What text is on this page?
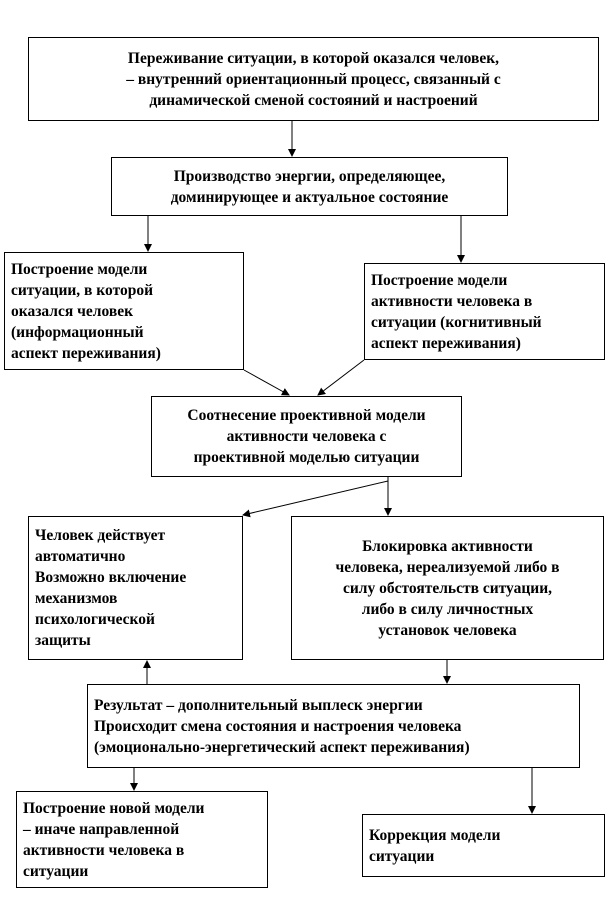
Переживание ситуации, в которой оказался человек,
– внутренний ориентационный процесс, связанный с
динамической сменой состояний и настроений
Производство энергии, определяющее,
доминирующее и актуальное состояние
Построение модели
ситуации, в которой
оказался человек
(информационный
аспект переживания)
Построение модели
активности человека в
ситуации (когнитивный
аспект переживания)
Соотнесение проективной модели
активности человека с
проективной моделью ситуации
Человек действует
автоматично
Возможно включение
механизмов
психологической
защиты
Блокировка активности
человека, нереализуемой либо в
силу обстоятельств ситуации,
либо в силу личностных
установок человека
Результат – дополнительный выплеск энергии
Происходит смена состояния и настроения человека
(эмоционально-энергетический аспект переживания)
Построение новой модели
– иначе направленной
активности человека в
ситуации
Коррекция модели
ситуации
